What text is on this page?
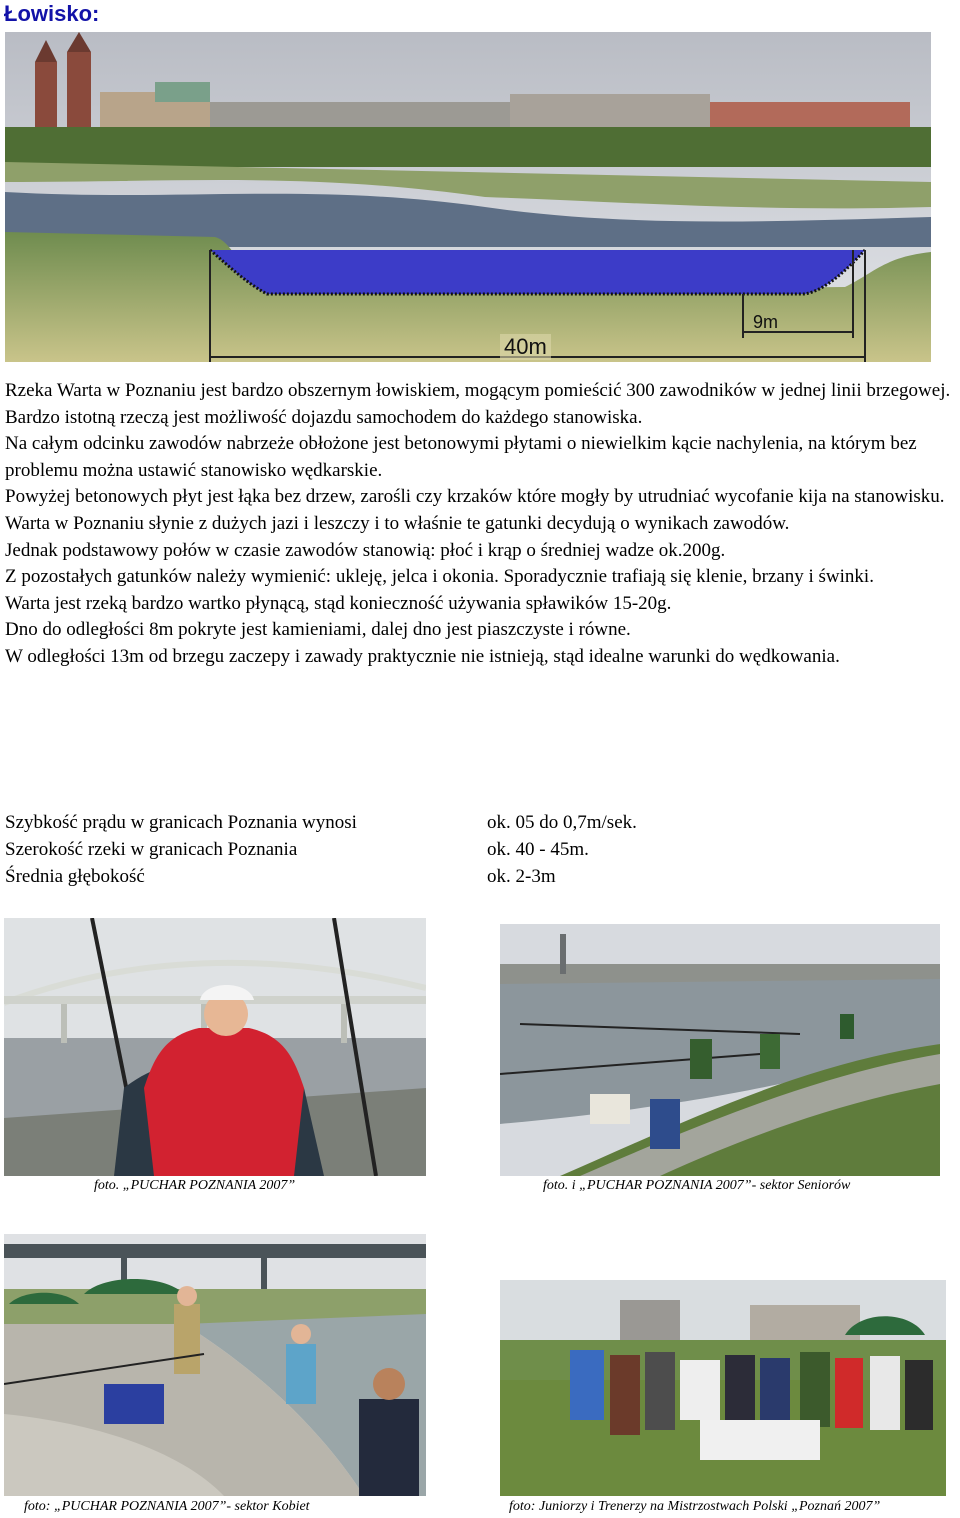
Łowisko:
9m
40m

Rzeka Warta w Poznaniu jest bardzo obszernym łowiskiem, mogącym pomieścić 300 zawodników w jednej linii brzegowej.

Bardzo istotną rzeczą jest możliwość dojazdu samochodem do każdego stanowiska.

Na całym odcinku zawodów nabrzeże obłożone jest betonowymi płytami o niewielkim kącie nachylenia, na którym bez problemu można ustawić stanowisko wędkarskie.

Powyżej betonowych płyt jest łąka bez drzew, zarośli czy krzaków które mogły by utrudniać wycofanie kija na stanowisku.

Warta w Poznaniu słynie z dużych jazi i leszczy i to właśnie te gatunki decydują o wynikach zawodów.

Jednak podstawowy połów w czasie zawodów stanowią: płoć i krąp o średniej wadze ok.200g.

Z pozostałych gatunków należy wymienić: ukleję, jelca i okonia. Sporadycznie trafiają się klenie, brzany i świnki.

Warta jest rzeką bardzo wartko płynącą, stąd konieczność używania spławików 15-20g.

Dno do odległości 8m pokryte jest kamieniami, dalej dno jest piaszczyste i równe.

W odległości 13m od brzegu zaczepy i zawady praktycznie nie istnieją, stąd idealne warunki do wędkowania.

Szybkość prądu w granicach Poznania wynosi	ok. 05 do 0,7m/sek.
Szerokość rzeki w granicach Poznania	ok. 40 - 45m.
Średnia głębokość	ok. 2-3m
foto. „PUCHAR POZNANIA 2007”	foto. i „PUCHAR POZNANIA 2007”- sektor Seniorów
foto: „PUCHAR POZNANIA 2007”- sektor Kobiet	foto: Juniorzy i Trenerzy na Mistrzostwach Polski „Poznań 2007”
